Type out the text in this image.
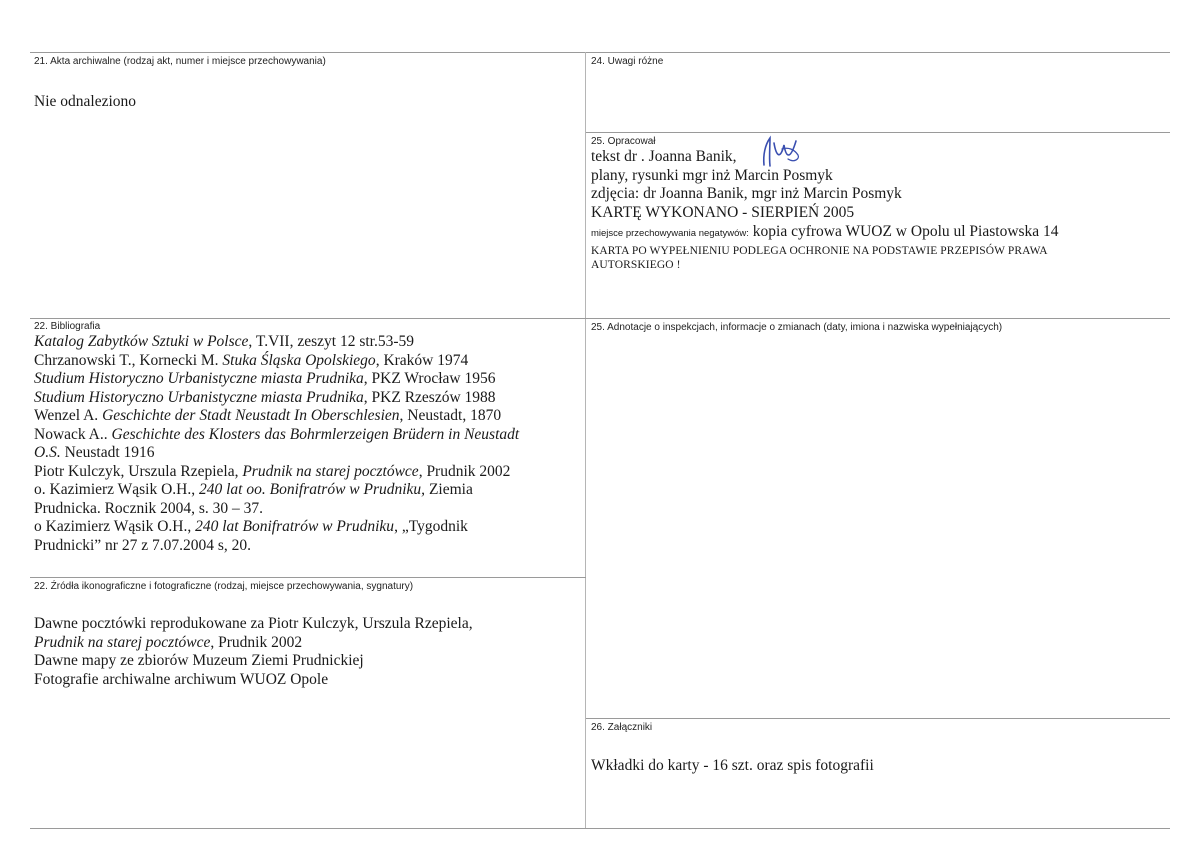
21. Akta archiwalne (rodzaj akt, numer i miejsce przechowywania)
Nie odnaleziono
24. Uwagi różne
25. Opracował
tekst dr . Joanna Banik,
plany, rysunki mgr inż Marcin Posmyk
zdjęcia: dr Joanna Banik, mgr inż Marcin Posmyk
KARTĘ WYKONANO - SIERPIEŃ 2005
miejsce przechowywania negatywów: kopia cyfrowa WUOZ w Opolu ul Piastowska 14
KARTA PO WYPEŁNIENIU PODLEGA OCHRONIE NA PODSTAWIE PRZEPISÓW PRAWA
AUTORSKIEGO !
22. Bibliografia
Katalog Zabytków Sztuki w Polsce, T.VII, zeszyt 12 str.53-59
Chrzanowski T., Kornecki M. Stuka Śląska Opolskiego, Kraków 1974
Studium Historyczno Urbanistyczne miasta Prudnika, PKZ Wrocław 1956
Studium Historyczno Urbanistyczne miasta Prudnika, PKZ Rzeszów 1988
Wenzel A. Geschichte der Stadt Neustadt In Oberschlesien, Neustadt, 1870
Nowack A.. Geschichte des Klosters das Bohrmlerzeigen Brüdern in Neustadt
O.S. Neustadt 1916
Piotr Kulczyk, Urszula Rzepiela, Prudnik na starej pocztówce, Prudnik 2002
o. Kazimierz Wąsik O.H., 240 lat oo. Bonifratrów w Prudniku, Ziemia
Prudnicka. Rocznik 2004, s. 30 – 37.
o Kazimierz Wąsik O.H., 240 lat Bonifratrów w Prudniku, „Tygodnik
Prudnicki” nr 27 z 7.07.2004 s, 20.
25. Adnotacje o inspekcjach, informacje o zmianach (daty, imiona i nazwiska wypełniających)
22. Źródła ikonograficzne i fotograficzne (rodzaj, miejsce przechowywania, sygnatury)
Dawne pocztówki reprodukowane za Piotr Kulczyk, Urszula Rzepiela,
Prudnik na starej pocztówce, Prudnik 2002
Dawne mapy ze zbiorów Muzeum Ziemi Prudnickiej
Fotografie archiwalne archiwum WUOZ Opole
26. Załączniki
Wkładki do karty - 16 szt. oraz spis fotografii
